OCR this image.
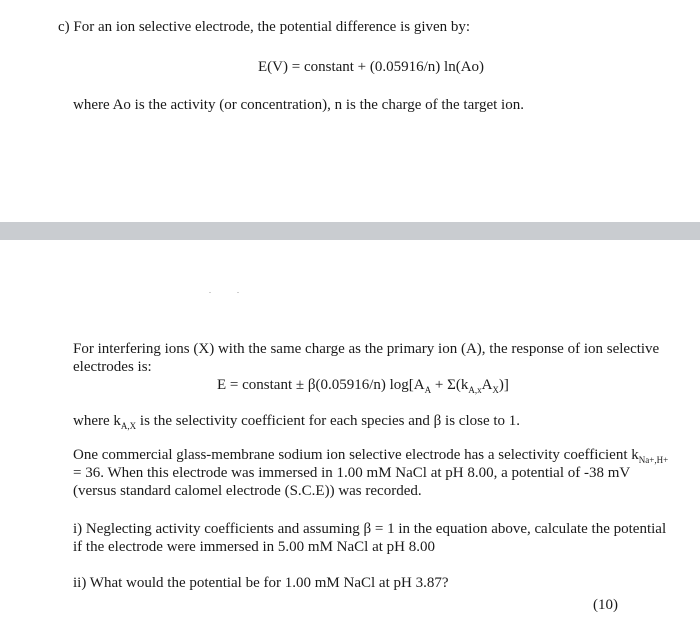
c) For an ion selective electrode, the potential difference is given by:
E(V) = constant + (0.05916/n) ln(Ao)
where Ao is the activity (or concentration), n is the charge of the target ion.
For interfering ions (X) with the same charge as the primary ion (A), the response of ion selective electrodes is:
E = constant ± β(0.05916/n) $\log[A_A + \Sigma(k_{A,x}A_X)]$
where $k_{A,X}$ is the selectivity coefficient for each species and β is close to 1.
One commercial glass-membrane sodium ion selective electrode has a selectivity coefficient $k_{Na+,H+} = 36$. When this electrode was immersed in 1.00 mM NaCl at pH 8.00, a potential of -38 mV (versus standard calomel electrode (S.C.E)) was recorded.
i) Neglecting activity coefficients and assuming β = 1 in the equation above, calculate the potential if the electrode were immersed in 5.00 mM NaCl at pH 8.00
ii) What would the potential be for 1.00 mM NaCl at pH 3.87?
(10)
